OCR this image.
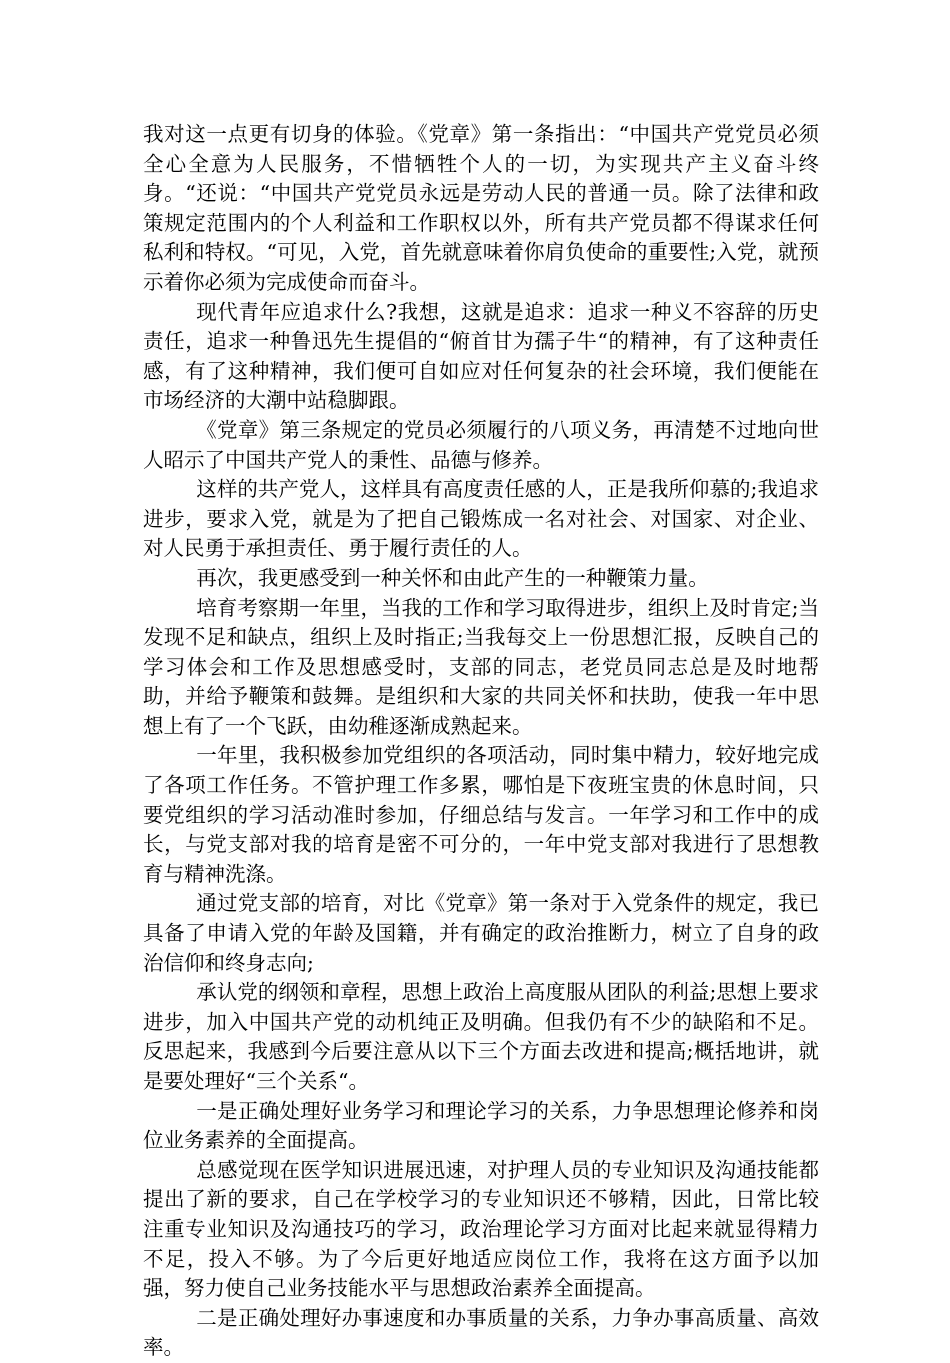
我对这一点更有切身的体验。《党章》第一条指出：“中国共产党党员必须全心全意为人民服务，不惜牺牲个人的一切，为实现共产主义奋斗终身。“还说：“中国共产党党员永远是劳动人民的普通一员。除了法律和政策规定范围内的个人利益和工作职权以外，所有共产党员都不得谋求任何私利和特权。“可见，入党，首先就意味着你肩负使命的重要性;入党，就预示着你必须为完成使命而奋斗。

现代青年应追求什么?我想，这就是追求：追求一种义不容辞的历史责任，追求一种鲁迅先生提倡的“俯首甘为孺子牛“的精神，有了这种责任感，有了这种精神，我们便可自如应对任何复杂的社会环境，我们便能在市场经济的大潮中站稳脚跟。

《党章》第三条规定的党员必须履行的八项义务，再清楚不过地向世人昭示了中国共产党人的秉性、品德与修养。

这样的共产党人，这样具有高度责任感的人，正是我所仰慕的;我追求进步，要求入党，就是为了把自己锻炼成一名对社会、对国家、对企业、对人民勇于承担责任、勇于履行责任的人。

再次，我更感受到一种关怀和由此产生的一种鞭策力量。

培育考察期一年里，当我的工作和学习取得进步，组织上及时肯定;当发现不足和缺点，组织上及时指正;当我每交上一份思想汇报，反映自己的学习体会和工作及思想感受时，支部的同志，老党员同志总是及时地帮助，并给予鞭策和鼓舞。是组织和大家的共同关怀和扶助，使我一年中思想上有了一个飞跃，由幼稚逐渐成熟起来。

一年里，我积极参加党组织的各项活动，同时集中精力，较好地完成了各项工作任务。不管护理工作多累，哪怕是下夜班宝贵的休息时间，只要党组织的学习活动准时参加，仔细总结与发言。一年学习和工作中的成长，与党支部对我的培育是密不可分的，一年中党支部对我进行了思想教育与精神洗涤。

通过党支部的培育，对比《党章》第一条对于入党条件的规定，我已具备了申请入党的年龄及国籍，并有确定的政治推断力，树立了自身的政治信仰和终身志向;

承认党的纲领和章程，思想上政治上高度服从团队的利益;思想上要求进步，加入中国共产党的动机纯正及明确。但我仍有不少的缺陷和不足。反思起来，我感到今后要注意从以下三个方面去改进和提高;概括地讲，就是要处理好“三个关系“。

一是正确处理好业务学习和理论学习的关系，力争思想理论修养和岗位业务素养的全面提高。

总感觉现在医学知识进展迅速，对护理人员的专业知识及沟通技能都提出了新的要求，自己在学校学习的专业知识还不够精，因此，日常比较注重专业知识及沟通技巧的学习，政治理论学习方面对比起来就显得精力不足，投入不够。为了今后更好地适应岗位工作，我将在这方面予以加强，努力使自己业务技能水平与思想政治素养全面提高。

二是正确处理好办事速度和办事质量的关系，力争办事高质量、高效率。
